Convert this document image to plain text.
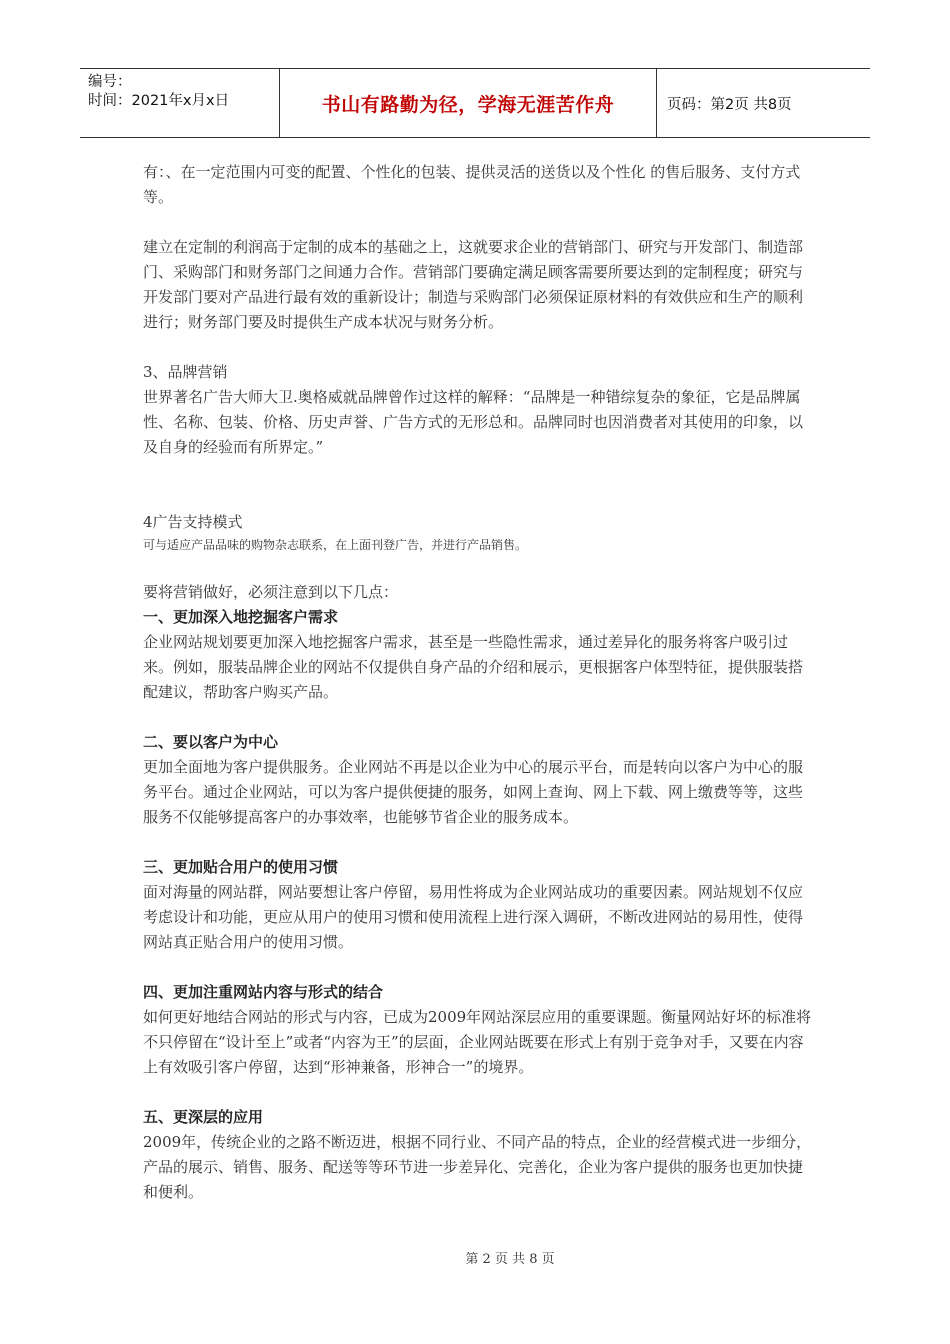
编号：
时间：2021年x月x日	书山有路勤为径，学海无涯苦作舟	页码：第2页 共8页

有：、在一定范围内可变的配置、个性化的包装、提供灵活的送货以及个性化 的售后服务、支付方式等。

建立在定制的利润高于定制的成本的基础之上，这就要求企业的营销部门、研究与开发部门、制造部门、采购部门和财务部门之间通力合作。营销部门要确定满足顾客需要所要达到的定制程度；研究与开发部门要对产品进行最有效的重新设计；制造与采购部门必须保证原材料的有效供应和生产的顺利进行；财务部门要及时提供生产成本状况与财务分析。

3、品牌营销

世界著名广告大师大卫.奥格威就品牌曾作过这样的解释：“品牌是一种错综复杂的象征，它是品牌属性、名称、包装、价格、历史声誉、广告方式的无形总和。品牌同时也因消费者对其使用的印象，以及自身的经验而有所界定。”

4广告支持模式

可与适应产品品味的购物杂志联系，在上面刊登广告，并进行产品销售。

要将营销做好，必须注意到以下几点：

一、更加深入地挖掘客户需求

企业网站规划要更加深入地挖掘客户需求，甚至是一些隐性需求，通过差异化的服务将客户吸引过来。例如，服装品牌企业的网站不仅提供自身产品的介绍和展示，更根据客户体型特征，提供服装搭配建议，帮助客户购买产品。

二、要以客户为中心

更加全面地为客户提供服务。企业网站不再是以企业为中心的展示平台，而是转向以客户为中心的服务平台。通过企业网站，可以为客户提供便捷的服务，如网上查询、网上下载、网上缴费等等，这些服务不仅能够提高客户的办事效率，也能够节省企业的服务成本。

三、更加贴合用户的使用习惯

面对海量的网站群，网站要想让客户停留，易用性将成为企业网站成功的重要因素。网站规划不仅应考虑设计和功能，更应从用户的使用习惯和使用流程上进行深入调研，不断改进网站的易用性，使得网站真正贴合用户的使用习惯。

四、更加注重网站内容与形式的结合

如何更好地结合网站的形式与内容，已成为2009年网站深层应用的重要课题。衡量网站好坏的标准将不只停留在“设计至上”或者“内容为王”的层面，企业网站既要在形式上有别于竞争对手，又要在内容上有效吸引客户停留，达到“形神兼备，形神合一”的境界。

五、更深层的应用

2009年，传统企业的之路不断迈进，根据不同行业、不同产品的特点，企业的经营模式进一步细分，产品的展示、销售、服务、配送等等环节进一步差异化、完善化，企业为客户提供的服务也更加快捷和便利。

第 2 页 共 8 页
